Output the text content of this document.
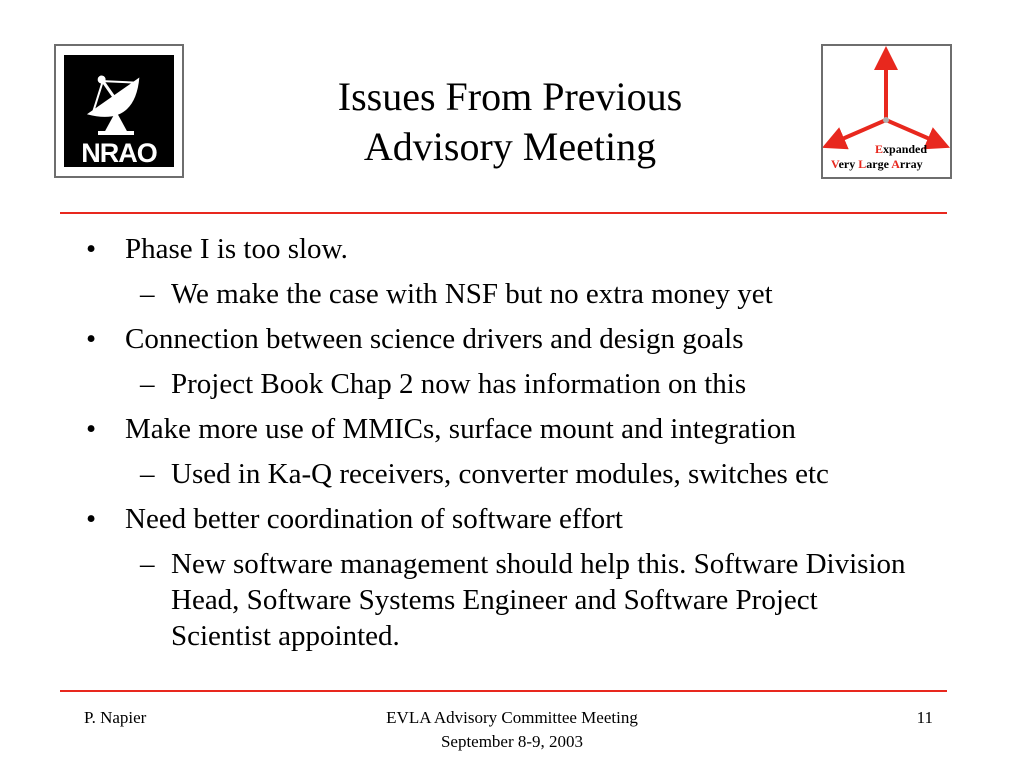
NRAO	Expanded
Very Large Array
Issues From Previous
Advisory Meeting
• Phase I is too slow.
– We make the case with NSF but no extra money yet
• Connection between science drivers and design goals
– Project Book Chap 2 now has information on this
• Make more use of MMICs, surface mount and integration
– Used in Ka-Q receivers, converter modules, switches etc
• Need better coordination of software effort
– New software management should help this. Software Division Head, Software Systems Engineer and Software Project Scientist appointed.
P. Napier	EVLA Advisory Committee Meeting
September 8-9, 2003
11
